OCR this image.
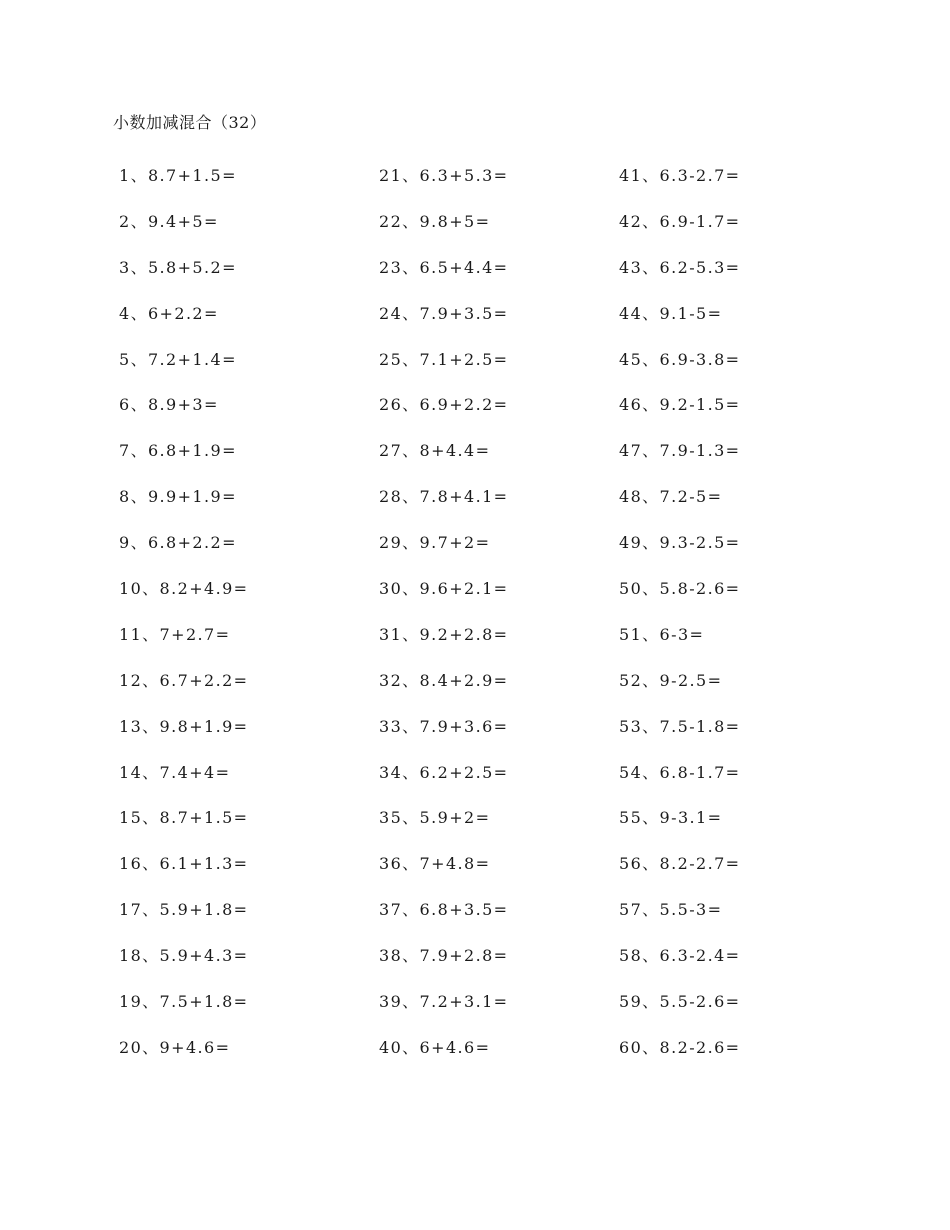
小数加减混合（32）
1、8.7+1.5=
2、9.4+5=
3、5.8+5.2=
4、6+2.2=
5、7.2+1.4=
6、8.9+3=
7、6.8+1.9=
8、9.9+1.9=
9、6.8+2.2=
10、8.2+4.9=
11、7+2.7=
12、6.7+2.2=
13、9.8+1.9=
14、7.4+4=
15、8.7+1.5=
16、6.1+1.3=
17、5.9+1.8=
18、5.9+4.3=
19、7.5+1.8=
20、9+4.6=
21、6.3+5.3=
22、9.8+5=
23、6.5+4.4=
24、7.9+3.5=
25、7.1+2.5=
26、6.9+2.2=
27、8+4.4=
28、7.8+4.1=
29、9.7+2=
30、9.6+2.1=
31、9.2+2.8=
32、8.4+2.9=
33、7.9+3.6=
34、6.2+2.5=
35、5.9+2=
36、7+4.8=
37、6.8+3.5=
38、7.9+2.8=
39、7.2+3.1=
40、6+4.6=
41、6.3-2.7=
42、6.9-1.7=
43、6.2-5.3=
44、9.1-5=
45、6.9-3.8=
46、9.2-1.5=
47、7.9-1.3=
48、7.2-5=
49、9.3-2.5=
50、5.8-2.6=
51、6-3=
52、9-2.5=
53、7.5-1.8=
54、6.8-1.7=
55、9-3.1=
56、8.2-2.7=
57、5.5-3=
58、6.3-2.4=
59、5.5-2.6=
60、8.2-2.6=
